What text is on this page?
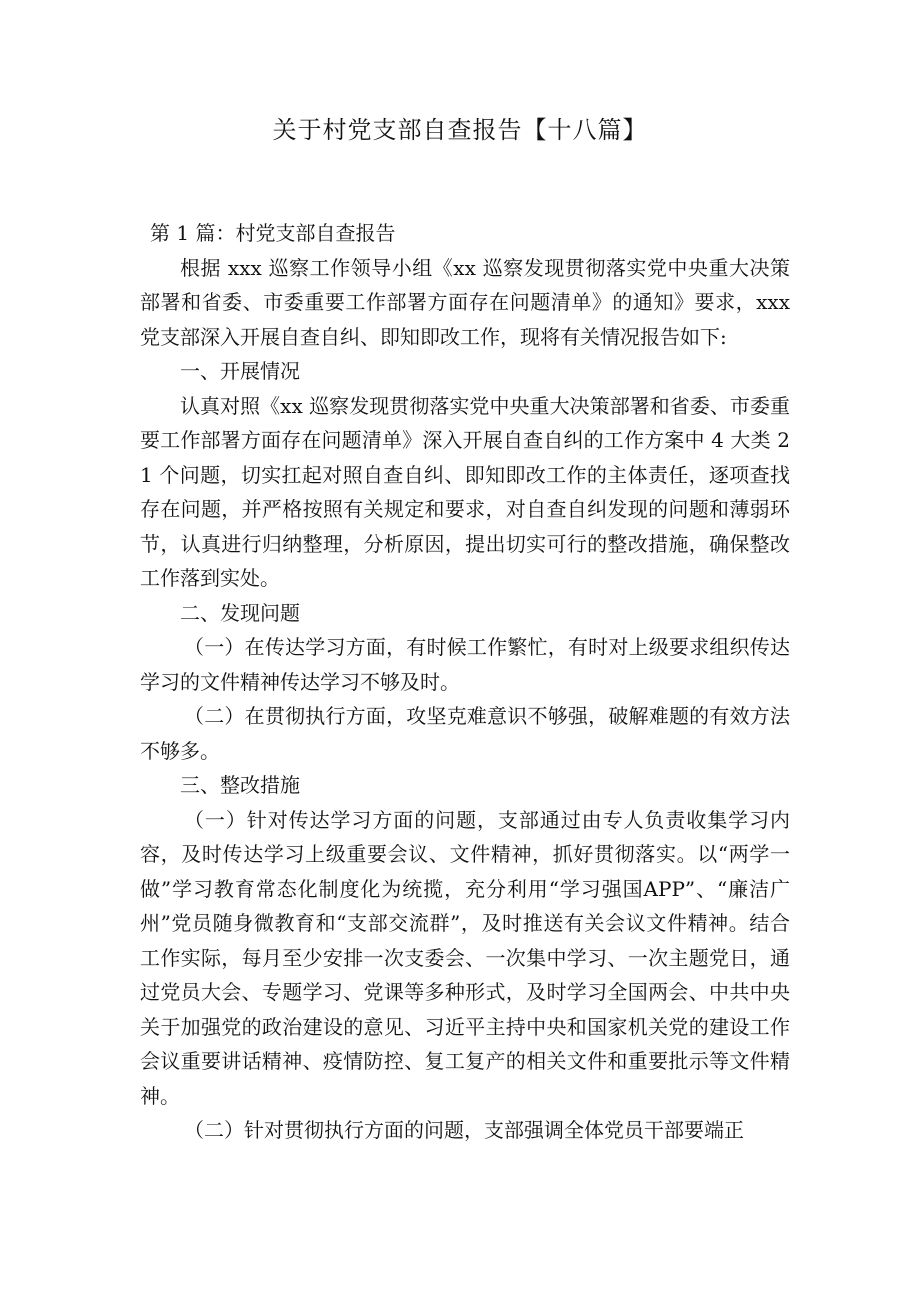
关于村党支部自查报告【十八篇】

第 1 篇：村党支部自查报告

根据 xxx 巡察工作领导小组《xx 巡察发现贯彻落实党中央重大决策部署和省委、市委重要工作部署方面存在问题清单》的通知》要求，xxx 党支部深入开展自查自纠、即知即改工作，现将有关情况报告如下:

一、开展情况

认真对照《xx 巡察发现贯彻落实党中央重大决策部署和省委、市委重要工作部署方面存在问题清单》深入开展自查自纠的工作方案中 4 大类 21 个问题，切实扛起对照自查自纠、即知即改工作的主体责任，逐项查找存在问题，并严格按照有关规定和要求，对自查自纠发现的问题和薄弱环节，认真进行归纳整理，分析原因，提出切实可行的整改措施，确保整改工作落到实处。

二、发现问题

（一）在传达学习方面，有时候工作繁忙，有时对上级要求组织传达学习的文件精神传达学习不够及时。

（二）在贯彻执行方面，攻坚克难意识不够强，破解难题的有效方法不够多。

三、整改措施

（一）针对传达学习方面的问题，支部通过由专人负责收集学习内容，及时传达学习上级重要会议、文件精神，抓好贯彻落实。以“两学一做”学习教育常态化制度化为统揽，充分利用“学习强国APP”、“廉洁广州”党员随身微教育和“支部交流群”，及时推送有关会议文件精神。结合工作实际，每月至少安排一次支委会、一次集中学习、一次主题党日，通过党员大会、专题学习、党课等多种形式，及时学习全国两会、中共中央关于加强党的政治建设的意见、习近平主持中央和国家机关党的建设工作会议重要讲话精神、疫情防控、复工复产的相关文件和重要批示等文件精神。

（二）针对贯彻执行方面的问题，支部强调全体党员干部要端正
